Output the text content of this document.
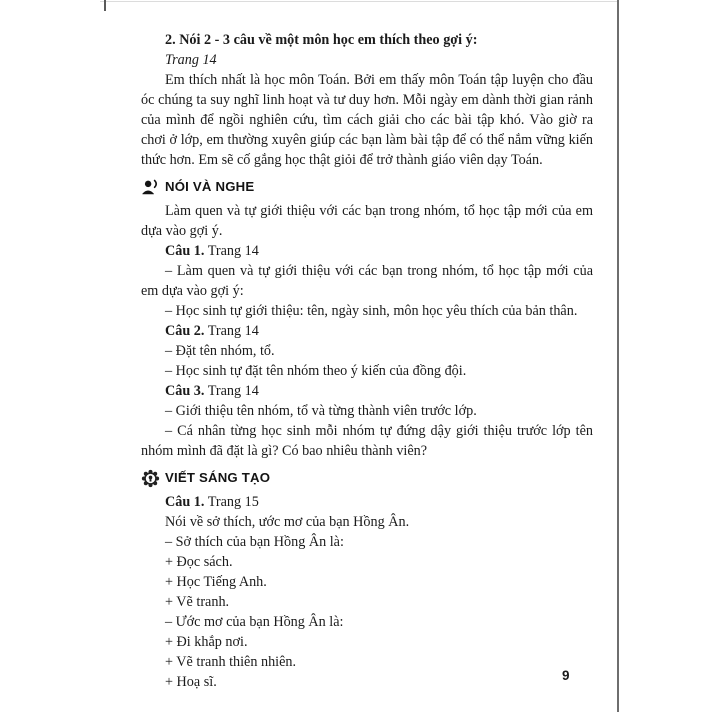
2. Nói 2 - 3 câu về một môn học em thích theo gợi ý:

Trang 14

Em thích nhất là học môn Toán. Bởi em thấy môn Toán tập luyện cho đầu óc chúng ta suy nghĩ linh hoạt và tư duy hơn. Mỗi ngày em dành thời gian rảnh của mình để ngồi nghiên cứu, tìm cách giải cho các bài tập khó. Vào giờ ra chơi ở lớp, em thường xuyên giúp các bạn làm bài tập để có thể nắm vững kiến thức hơn. Em sẽ cố gắng học thật giỏi để trở thành giáo viên dạy Toán.

NÓI VÀ NGHE

Làm quen và tự giới thiệu với các bạn trong nhóm, tổ học tập mới của em dựa vào gợi ý.

Câu 1. Trang 14

– Làm quen và tự giới thiệu với các bạn trong nhóm, tổ học tập mới của em dựa vào gợi ý:

– Học sinh tự giới thiệu: tên, ngày sinh, môn học yêu thích của bản thân.

Câu 2. Trang 14

– Đặt tên nhóm, tổ.

– Học sinh tự đặt tên nhóm theo ý kiến của đồng đội.

Câu 3. Trang 14

– Giới thiệu tên nhóm, tổ và từng thành viên trước lớp.

– Cá nhân từng học sinh mỗi nhóm tự đứng dậy giới thiệu trước lớp tên nhóm mình đã đặt là gì? Có bao nhiêu thành viên?

VIẾT SÁNG TẠO

Câu 1. Trang 15

Nói về sở thích, ước mơ của bạn Hồng Ân.

– Sở thích của bạn Hồng Ân là:

+ Đọc sách.

+ Học Tiếng Anh.

+ Vẽ tranh.

– Ước mơ của bạn Hồng Ân là:

+ Đi khắp nơi.

+ Vẽ tranh thiên nhiên.

+ Hoạ sĩ.	9
